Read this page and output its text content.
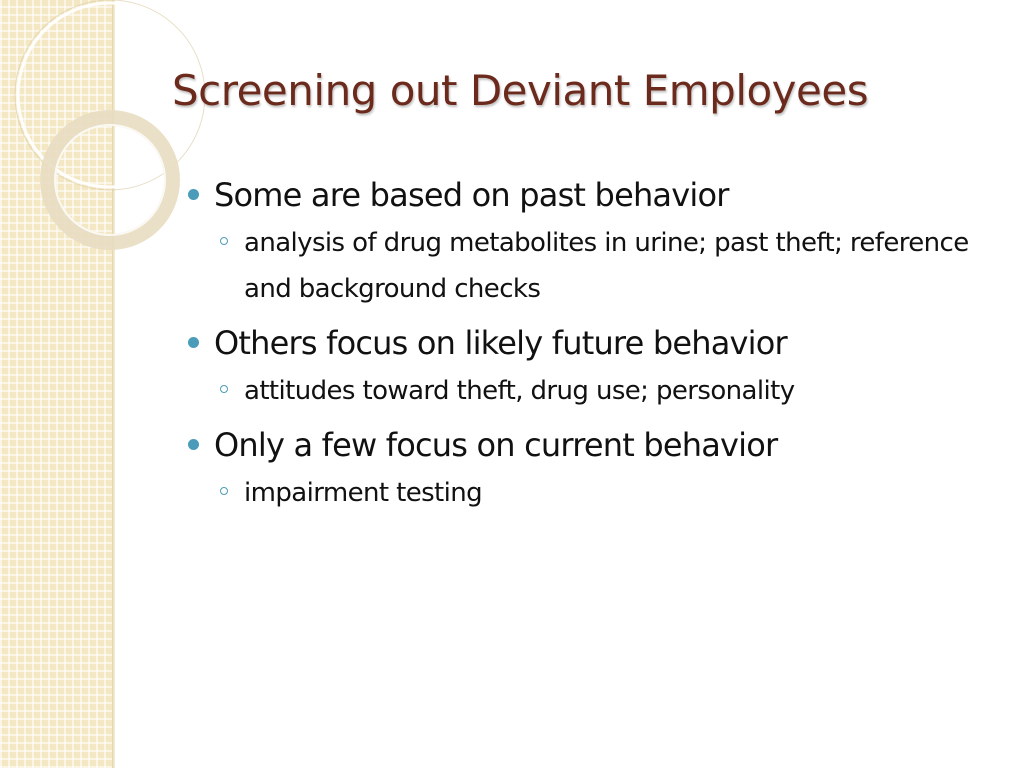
Screening out Deviant Employees
Some are based on past behavior
analysis of drug metabolites in urine; past theft; reference and background checks
Others focus on likely future behavior
attitudes toward theft, drug use; personality
Only a few focus on current behavior
impairment testing
